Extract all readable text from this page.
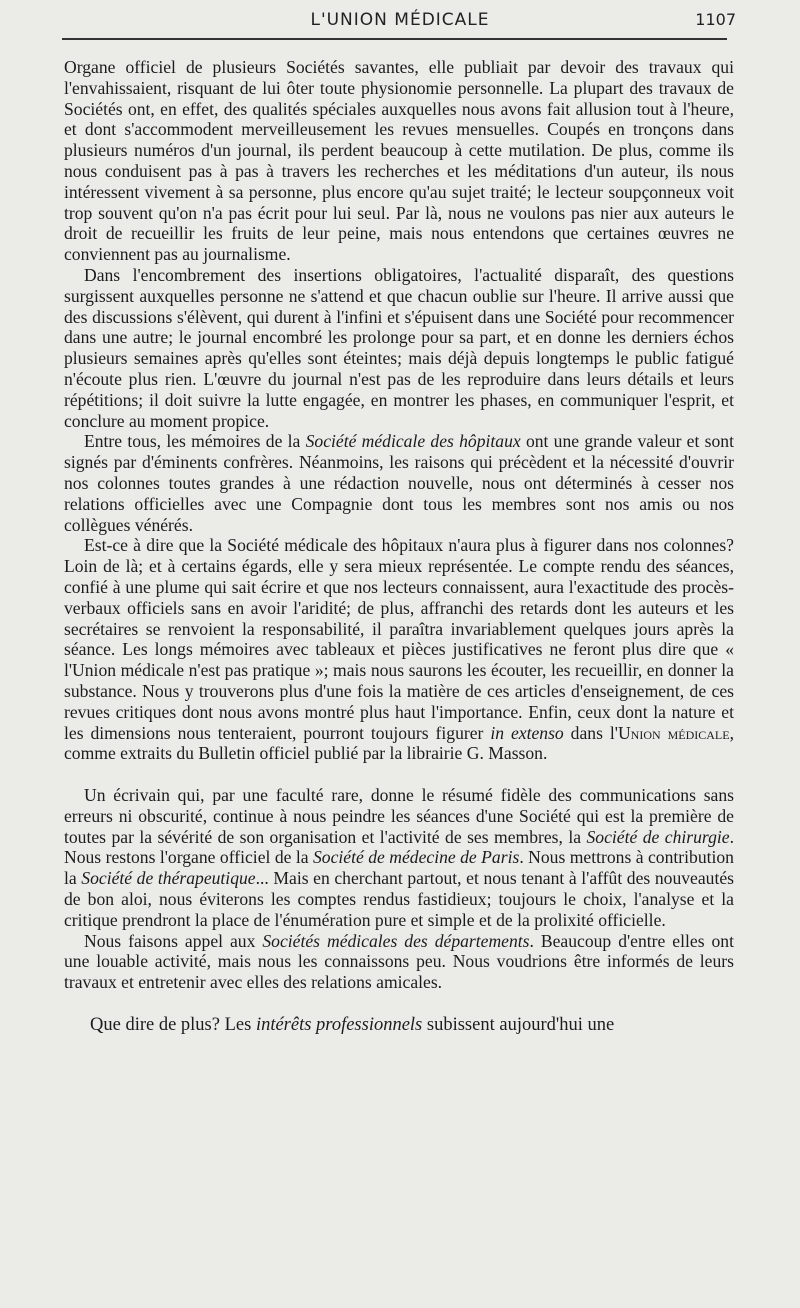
L'UNION MÉDICALE	1107

Organe officiel de plusieurs Sociétés savantes, elle publiait par devoir des travaux qui l'envahissaient, risquant de lui ôter toute physionomie personnelle. La plupart des travaux de Sociétés ont, en effet, des qualités spéciales auxquelles nous avons fait allusion tout à l'heure, et dont s'accommodent merveilleusement les revues mensuelles. Coupés en tronçons dans plusieurs numéros d'un journal, ils perdent beaucoup à cette mutilation. De plus, comme ils nous conduisent pas à pas à travers les recherches et les méditations d'un auteur, ils nous intéressent vivement à sa personne, plus encore qu'au sujet traité; le lecteur soupçonneux voit trop souvent qu'on n'a pas écrit pour lui seul. Par là, nous ne voulons pas nier aux auteurs le droit de recueillir les fruits de leur peine, mais nous entendons que certaines œuvres ne conviennent pas au journalisme.

Dans l'encombrement des insertions obligatoires, l'actualité disparaît, des questions surgissent auxquelles personne ne s'attend et que chacun oublie sur l'heure. Il arrive aussi que des discussions s'élèvent, qui durent à l'infini et s'épuisent dans une Société pour recommencer dans une autre; le journal encombré les prolonge pour sa part, et en donne les derniers échos plusieurs semaines après qu'elles sont éteintes; mais déjà depuis longtemps le public fatigué n'écoute plus rien. L'œuvre du journal n'est pas de les reproduire dans leurs détails et leurs répétitions; il doit suivre la lutte engagée, en montrer les phases, en communiquer l'esprit, et conclure au moment propice.

Entre tous, les mémoires de la Société médicale des hôpitaux ont une grande valeur et sont signés par d'éminents confrères. Néanmoins, les raisons qui précèdent et la nécessité d'ouvrir nos colonnes toutes grandes à une rédaction nouvelle, nous ont déterminés à cesser nos relations officielles avec une Compagnie dont tous les membres sont nos amis ou nos collègues vénérés.

Est-ce à dire que la Société médicale des hôpitaux n'aura plus à figurer dans nos colonnes? Loin de là; et à certains égards, elle y sera mieux représentée. Le compte rendu des séances, confié à une plume qui sait écrire et que nos lecteurs connaissent, aura l'exactitude des procès-verbaux officiels sans en avoir l'aridité; de plus, affranchi des retards dont les auteurs et les secrétaires se renvoient la responsabilité, il paraîtra invariablement quelques jours après la séance. Les longs mémoires avec tableaux et pièces justificatives ne feront plus dire que « l'Union médicale n'est pas pratique »; mais nous saurons les écouter, les recueillir, en donner la substance. Nous y trouverons plus d'une fois la matière de ces articles d'enseignement, de ces revues critiques dont nous avons montré plus haut l'importance. Enfin, ceux dont la nature et les dimensions nous tenteraient, pourront toujours figurer in extenso dans l'Union médicale, comme extraits du Bulletin officiel publié par la librairie G. Masson.

Un écrivain qui, par une faculté rare, donne le résumé fidèle des communications sans erreurs ni obscurité, continue à nous peindre les séances d'une Société qui est la première de toutes par la sévérité de son organisation et l'activité de ses membres, la Société de chirurgie. Nous restons l'organe officiel de la Société de médecine de Paris. Nous mettrons à contribution la Société de thérapeutique... Mais en cherchant partout, et nous tenant à l'affût des nouveautés de bon aloi, nous éviterons les comptes rendus fastidieux; toujours le choix, l'analyse et la critique prendront la place de l'énumération pure et simple et de la prolixité officielle.

Nous faisons appel aux Sociétés médicales des départements. Beaucoup d'entre elles ont une louable activité, mais nous les connaissons peu. Nous voudrions être informés de leurs travaux et entretenir avec elles des relations amicales.

Que dire de plus? Les intérêts professionnels subissent aujourd'hui une
